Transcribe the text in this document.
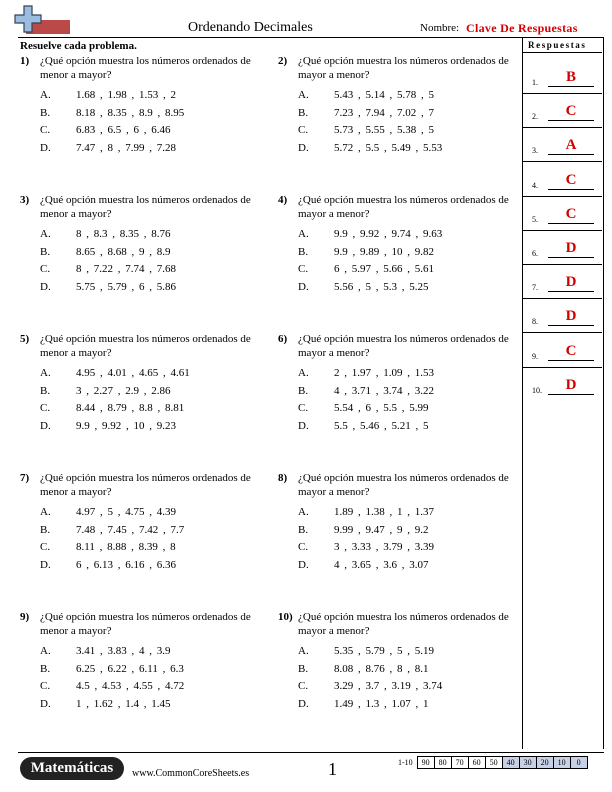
Ordenando Decimales	Nombre: Clave De Respuestas
Resuelve cada problema.
1) ¿Qué opción muestra los números ordenados de menor a mayor?
A. 1.68 , 1.98 , 1.53 , 2
B. 8.18 , 8.35 , 8.9 , 8.95
C. 6.83 , 6.5 , 6 , 6.46
D. 7.47 , 8 , 7.99 , 7.28
2) ¿Qué opción muestra los números ordenados de mayor a menor?
A. 5.43 , 5.14 , 5.78 , 5
B. 7.23 , 7.94 , 7.02 , 7
C. 5.73 , 5.55 , 5.38 , 5
D. 5.72 , 5.5 , 5.49 , 5.53
3) ¿Qué opción muestra los números ordenados de menor a mayor?
A. 8 , 8.3 , 8.35 , 8.76
B. 8.65 , 8.68 , 9 , 8.9
C. 8 , 7.22 , 7.74 , 7.68
D. 5.75 , 5.79 , 6 , 5.86
4) ¿Qué opción muestra los números ordenados de mayor a menor?
A. 9.9 , 9.92 , 9.74 , 9.63
B. 9.9 , 9.89 , 10 , 9.82
C. 6 , 5.97 , 5.66 , 5.61
D. 5.56 , 5 , 5.3 , 5.25
5) ¿Qué opción muestra los números ordenados de menor a mayor?
A. 4.95 , 4.01 , 4.65 , 4.61
B. 3 , 2.27 , 2.9 , 2.86
C. 8.44 , 8.79 , 8.8 , 8.81
D. 9.9 , 9.92 , 10 , 9.23
6) ¿Qué opción muestra los números ordenados de mayor a menor?
A. 2 , 1.97 , 1.09 , 1.53
B. 4 , 3.71 , 3.74 , 3.22
C. 5.54 , 6 , 5.5 , 5.99
D. 5.5 , 5.46 , 5.21 , 5
7) ¿Qué opción muestra los números ordenados de menor a mayor?
A. 4.97 , 5 , 4.75 , 4.39
B. 7.48 , 7.45 , 7.42 , 7.7
C. 8.11 , 8.88 , 8.39 , 8
D. 6 , 6.13 , 6.16 , 6.36
8) ¿Qué opción muestra los números ordenados de mayor a menor?
A. 1.89 , 1.38 , 1 , 1.37
B. 9.99 , 9.47 , 9 , 9.2
C. 3 , 3.33 , 3.79 , 3.39
D. 4 , 3.65 , 3.6 , 3.07
9) ¿Qué opción muestra los números ordenados de menor a mayor?
A. 3.41 , 3.83 , 4 , 3.9
B. 6.25 , 6.22 , 6.11 , 6.3
C. 4.5 , 4.53 , 4.55 , 4.72
D. 1 , 1.62 , 1.4 , 1.45
10) ¿Qué opción muestra los números ordenados de mayor a menor?
A. 5.35 , 5.79 , 5 , 5.19
B. 8.08 , 8.76 , 8 , 8.1
C. 3.29 , 3.7 , 3.19 , 3.74
D. 1.49 , 1.3 , 1.07 , 1
Respuestas
1.	B
2.	C
3.	A
4.	C
5.	C
6.	D
7.	D
8.	D
9.	C
10.	D
Matemáticas	www.CommonCoreSheets.es	1	1-10	90	80	70	60	50	40	30	20	10	0
